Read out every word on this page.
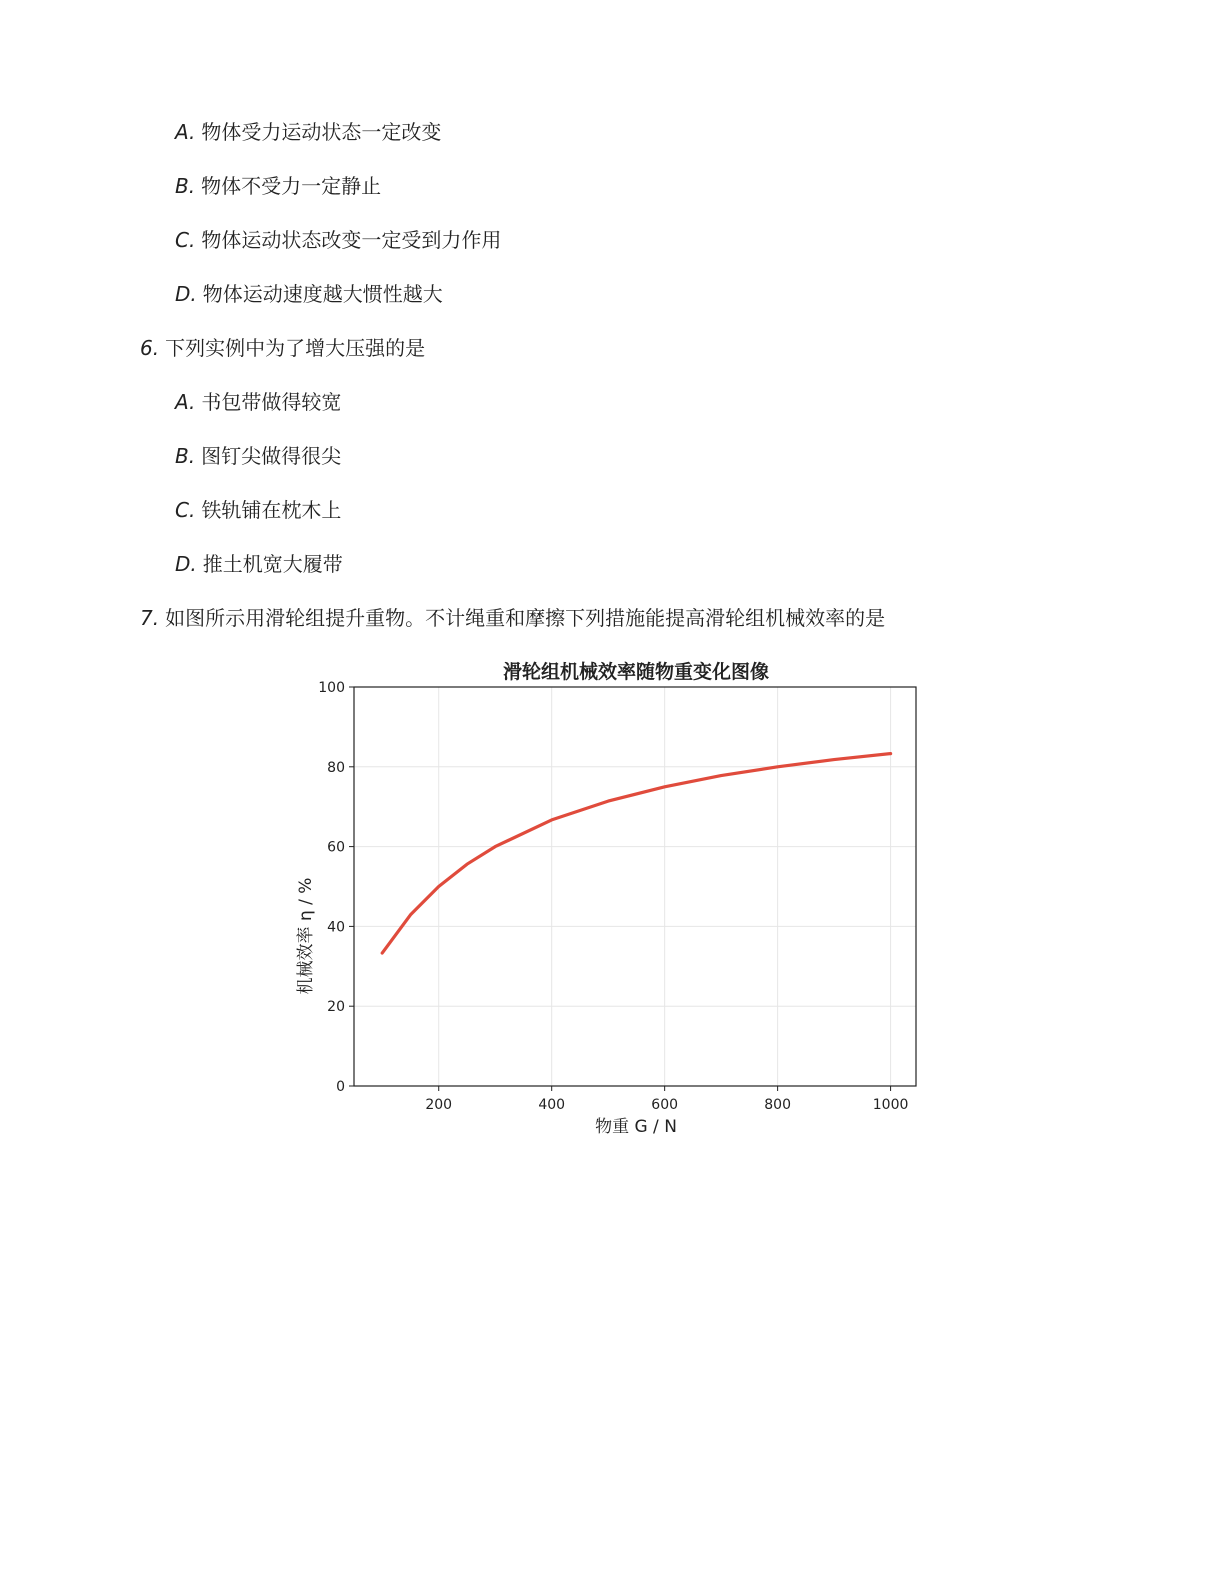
A. 物体受力运动状态一定改变
B. 物体不受力一定静止
C. 物体运动状态改变一定受到力作用
D. 物体运动速度越大惯性越大
6. 下列实例中为了增大压强的是
A. 书包带做得较宽
B. 图钉尖做得很尖
C. 铁轨铺在枕木上
D. 推土机宽大履带
7. 如图所示用滑轮组提升重物。不计绳重和摩擦下列措施能提高滑轮组机械效率的是
滑轮组机械效率随物重变化图像
200	400	600	800	1000
0
20
40
60
80
100
物重 G / N
机械效率 η / %
